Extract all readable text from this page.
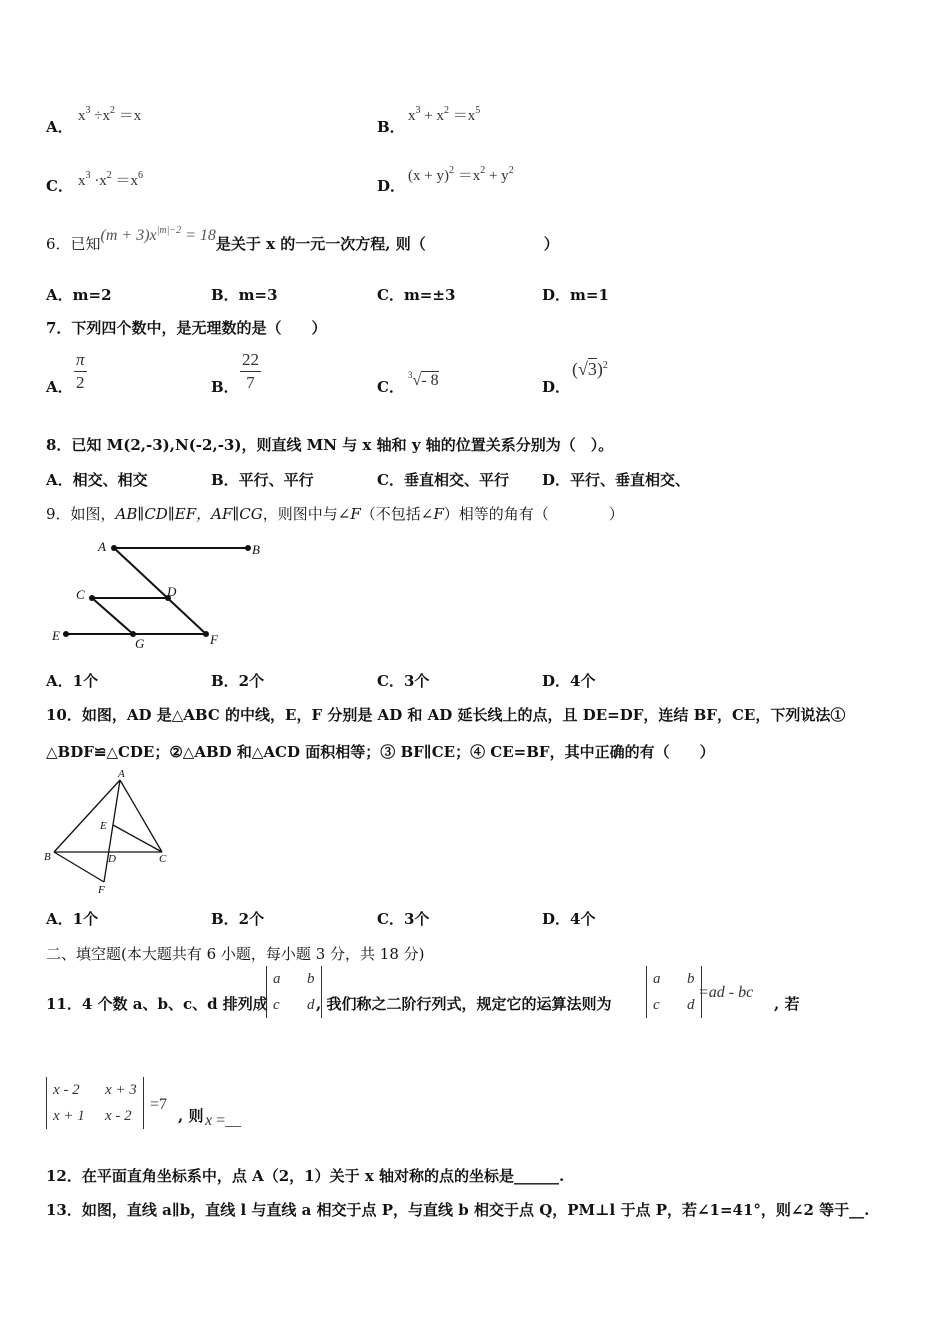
A．
$x^3 \div x^2 =x$
B．
$x^3 + x^2 =x^5$
C． $x^3 \cdot x^2 =x^6$
D．
$(x + y)^2 =x^2 + y^2$
6．已知$(m + 3)x^{|m|-2} = 18$是关于 x 的一元一次方程, 则（	）
A．m=2	B．m=3	C．m=±3	D．m=1
7．下列四个数中，是无理数的是（　　）
A． $\frac{\pi}{2}$	B． $\frac{22}{7}$	C．
$^3$√- 8	D．
$(√3)^2$
8．已知 M(2,-3),N(-2,-3)，则直线 MN 与 x 轴和 y 轴的位置关系分别为（　）。
A．相交、相交	B．平行、平行	C．垂直相交、平行 D．平行、垂直相交、
9．如图，AB∥CD∥EF，AF∥CG，则图中与∠F（不包括∠F）相等的角有（　　　　）
A	B
C	D
E
G	F
A．1个	B．2个	C．3个	D．4个
10．如图，AD 是△ABC 的中线，E，F 分别是 AD 和 AD 延长线上的点，且 DE=DF，连结 BF，CE，下列说法①
△BDF≌△CDE；②△ABD 和△ACD 面积相等；③ BF∥CE；④ CE=BF，其中正确的有（　　）
A
E
B	D	C
F
A．1个	B．2个	C．3个	D．4个
二、填空题(本大题共有 6 小题，每小题 3 分，共 18 分)
11．4 个数 a、b、c、d 排列成
a b
c d , 我们称之二阶行列式，规定它的运算法则为
a b
c d
=ad - bc
, 若
x - 2 x + 3
x + 1 x - 2
=7
, 则 x =__
12．在平面直角坐标系中，点 A（2，1）关于 x 轴对称的点的坐标是______.
13．如图，直线 a∥b，直线 l 与直线 a 相交于点 P，与直线 b 相交于点 Q，PM⊥l 于点 P，若∠1=41°，则∠2 等于__.
